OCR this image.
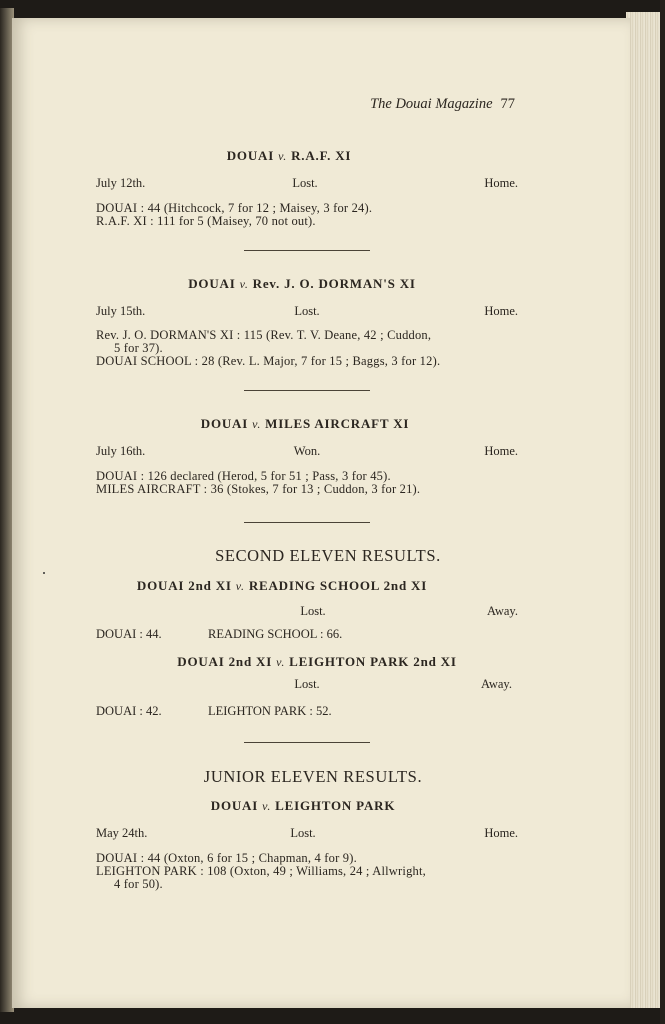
The Douai Magazine 77
DOUAI v. R.A.F. XI
July 12th.	Lost.	Home.
DOUAI : 44 (Hitchcock, 7 for 12 ; Maisey, 3 for 24).
R.A.F. XI : 111 for 5 (Maisey, 70 not out).
DOUAI v. Rev. J. O. DORMAN'S XI
July 15th.	Lost.	Home.
Rev. J. O. DORMAN'S XI : 115 (Rev. T. V. Deane, 42 ; Cuddon,
5 for 37).
DOUAI SCHOOL : 28 (Rev. L. Major, 7 for 15 ; Baggs, 3 for 12).
DOUAI v. MILES AIRCRAFT XI
July 16th.	Won.	Home.
DOUAI : 126 declared (Herod, 5 for 51 ; Pass, 3 for 45).
MILES AIRCRAFT : 36 (Stokes, 7 for 13 ; Cuddon, 3 for 21).
SECOND ELEVEN RESULTS.
DOUAI 2nd XI v. READING SCHOOL 2nd XI
Lost.	Away.
DOUAI : 44.	READING SCHOOL : 66.
DOUAI 2nd XI v. LEIGHTON PARK 2nd XI
Lost.	Away.
DOUAI : 42.	LEIGHTON PARK : 52.
JUNIOR ELEVEN RESULTS.
DOUAI v. LEIGHTON PARK
May 24th.	Lost.	Home.
DOUAI : 44 (Oxton, 6 for 15 ; Chapman, 4 for 9).
LEIGHTON PARK : 108 (Oxton, 49 ; Williams, 24 ; Allwright,
4 for 50).
